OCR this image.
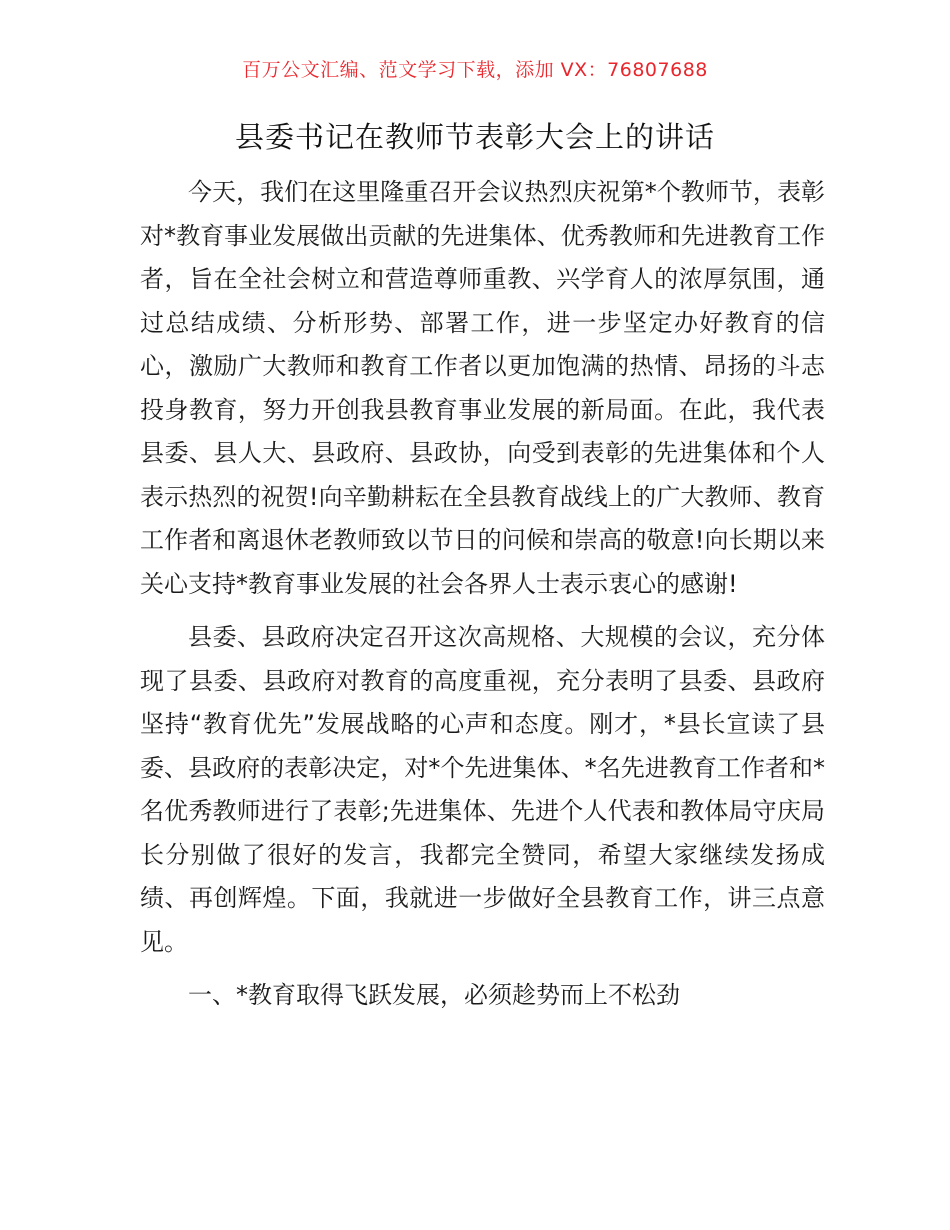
百万公文汇编、范文学习下载，添加 VX：76807688
县委书记在教师节表彰大会上的讲话

今天，我们在这里隆重召开会议热烈庆祝第*个教师节，表彰对*教育事业发展做出贡献的先进集体、优秀教师和先进教育工作者，旨在全社会树立和营造尊师重教、兴学育人的浓厚氛围，通过总结成绩、分析形势、部署工作，进一步坚定办好教育的信心，激励广大教师和教育工作者以更加饱满的热情、昂扬的斗志投身教育，努力开创我县教育事业发展的新局面。在此，我代表县委、县人大、县政府、县政协，向受到表彰的先进集体和个人表示热烈的祝贺!向辛勤耕耘在全县教育战线上的广大教师、教育工作者和离退休老教师致以节日的问候和崇高的敬意!向长期以来关心支持*教育事业发展的社会各界人士表示衷心的感谢!

县委、县政府决定召开这次高规格、大规模的会议，充分体现了县委、县政府对教育的高度重视，充分表明了县委、县政府坚持“教育优先”发展战略的心声和态度。刚才，*县长宣读了县委、县政府的表彰决定，对*个先进集体、*名先进教育工作者和*名优秀教师进行了表彰;先进集体、先进个人代表和教体局守庆局长分别做了很好的发言，我都完全赞同，希望大家继续发扬成绩、再创辉煌。下面，我就进一步做好全县教育工作，讲三点意见。

一、*教育取得飞跃发展，必须趁势而上不松劲
